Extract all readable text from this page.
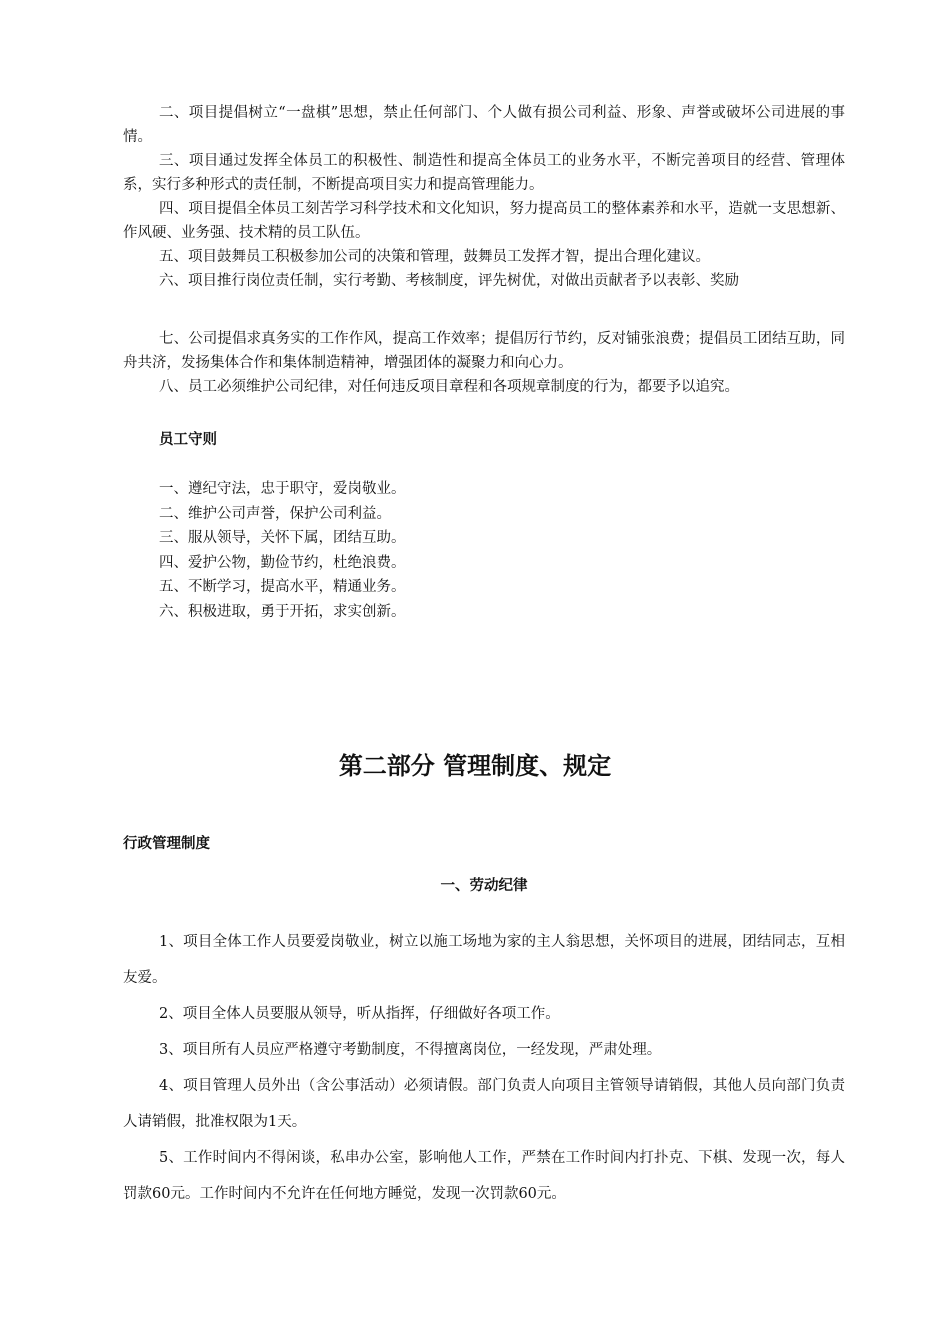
二、项目提倡树立“一盘棋”思想，禁止任何部门、个人做有损公司利益、形象、声誉或破坏公司进展的事情。

三、项目通过发挥全体员工的积极性、制造性和提高全体员工的业务水平，不断完善项目的经营、管理体系，实行多种形式的责任制，不断提高项目实力和提高管理能力。

四、项目提倡全体员工刻苦学习科学技术和文化知识，努力提高员工的整体素养和水平，造就一支思想新、作风硬、业务强、技术精的员工队伍。

五、项目鼓舞员工积极参加公司的决策和管理，鼓舞员工发挥才智，提出合理化建议。

六、项目推行岗位责任制，实行考勤、考核制度，评先树优，对做出贡献者予以表彰、奖励

七、公司提倡求真务实的工作作风，提高工作效率；提倡厉行节约，反对铺张浪费；提倡员工团结互助，同舟共济，发扬集体合作和集体制造精神，增强团体的凝聚力和向心力。

八、员工必须维护公司纪律，对任何违反项目章程和各项规章制度的行为，都要予以追究。

员工守则

一、遵纪守法，忠于职守，爱岗敬业。

二、维护公司声誉，保护公司利益。

三、服从领导，关怀下属，团结互助。

四、爱护公物，勤俭节约，杜绝浪费。

五、不断学习，提高水平，精通业务。

六、积极进取，勇于开拓，求实创新。

第二部分 管理制度、规定

行政管理制度

一、劳动纪律

1、项目全体工作人员要爱岗敬业，树立以施工场地为家的主人翁思想，关怀项目的进展，团结同志，互相友爱。

2、项目全体人员要服从领导，听从指挥，仔细做好各项工作。

3、项目所有人员应严格遵守考勤制度，不得擅离岗位，一经发现，严肃处理。

4、项目管理人员外出（含公事活动）必须请假。部门负责人向项目主管领导请销假，其他人员向部门负责人请销假，批准权限为1天。

5、工作时间内不得闲谈，私串办公室，影响他人工作，严禁在工作时间内打扑克、下棋、发现一次，每人罚款60元。工作时间内不允许在任何地方睡觉，发现一次罚款60元。
